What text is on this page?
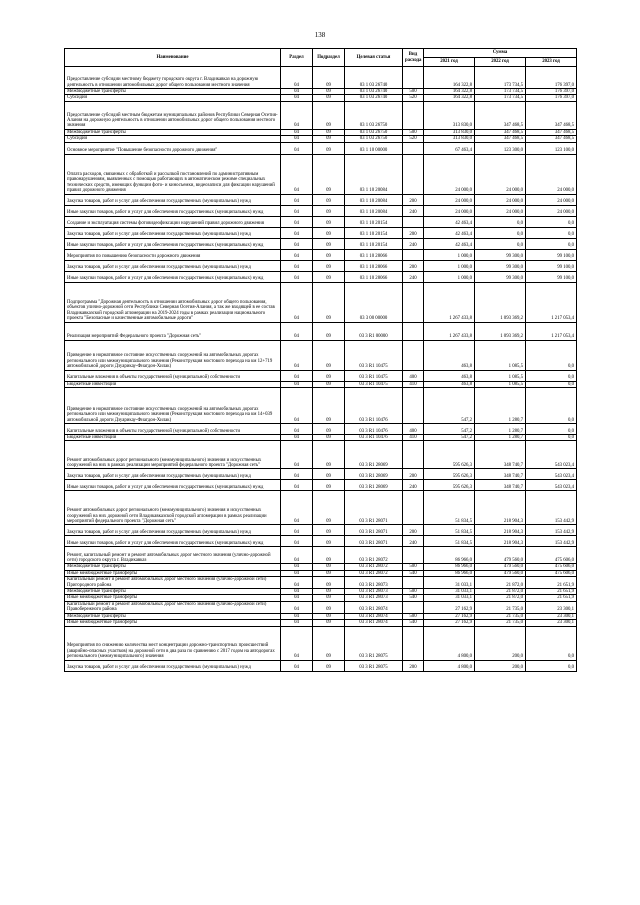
138
Наименование	Раздел	Подраздел	Целевая статья	Вид расхода	Сумма		
					2021 год	2022 год	2023 год
Предоставление субсидии местному бюджету городского округа г. Владикавказ на дорожную деятельность в отношении автомобильных дорог общего пользования местного значения	04	09	03 1 03 26740		164 322,8	173 734,5	176 397,0
Межбюджетные трансферты	04	09	03 1 03 26740	500	164 322,8	173 734,5	176 397,0
Субсидии	04	09	03 1 03 26740	520	164 322,8	173 734,5	176 397,0
Предоставление субсидий местным бюджетам муниципальных районов Республики Северная Осетия-Алания на дорожную деятельность в отношении автомобильных дорог общего пользования местного значения	04	09	03 1 03 26750		313 830,0	347 468,5	347 468,5
Межбюджетные трансферты	04	09	03 1 03 26750	500	313 830,0	347 468,5	347 468,5
Субсидии	04	09	03 1 03 26750	520	313 830,0	347 468,5	347 468,5
Основное мероприятие "Повышение безопасности дорожного движения"	04	09	03 1 10 00000		67 463,4	123 300,0	123 100,0
Оплата расходов, связанных с обработкой и рассылкой постановлений по административным правонарушениям, выявленных с помощью работающих в автоматическом режиме специальных технических средств, имеющих функции фото- и киносъемки, видеозаписи для фиксации нарушений правил дорожного движения	04	09	03 1 10 20084		24 000,0	24 000,0	24 000,0
Закупка товаров, работ и услуг для обеспечения государственных (муниципальных) нужд	04	09	03 1 10 20084	200	24 000,0	24 000,0	24 000,0
Иные закупки товаров, работ и услуг для обеспечения государственных (муниципальных) нужд	04	09	03 1 10 20084	240	24 000,0	24 000,0	24 000,0
Создание и эксплуатация системы фотовидеофиксации нарушений правил дорожного движения	04	09	03 1 10 20154		42 463,4	0,0	0,0
Закупка товаров, работ и услуг для обеспечения государственных (муниципальных) нужд	04	09	03 1 10 20154	200	42 463,4	0,0	0,0
Иные закупки товаров, работ и услуг для обеспечения государственных (муниципальных) нужд	04	09	03 1 10 20154	240	42 463,4	0,0	0,0
Мероприятия по повышению безопасности дорожного движения	04	09	03 1 10 28066		1 000,0	99 300,0	99 100,0
Закупка товаров, работ и услуг для обеспечения государственных (муниципальных) нужд	04	09	03 1 10 28066	200	1 000,0	99 300,0	99 100,0
Иные закупки товаров, работ и услуг для обеспечения государственных (муниципальных) нужд	04	09	03 1 10 28066	240	1 000,0	99 300,0	99 100,0
Подпрограмма "Дорожная деятельность в отношении автомобильных дорог общего пользования, объектов улично-дорожной сети Республики Северная Осетия-Алания, а так же входящей в ее состав Владикавказской городской агломерации на 2019-2024 годы в рамках реализации национального проекта "Безопасные и качественные автомобильные дороги"	04	09	03 3 00 00000		1 267 433,8	1 093 369,2	1 217 053,4
Реализация мероприятий Федерального проекта "Дорожная сеть"	04	09	03 3 R1 00000		1 267 433,8	1 093 369,2	1 217 053,4
Приведение в нормативное состояние искусственных сооружений на автомобильных дорогах регионального или межмуниципального значения (Реконструкция мостового перехода на км 12+719 автомобильной дороги Дзуарикау-Фиагдон-Хилак)	04	09	03 3 R1 10475		463,8	1 085,5	0,0
Капитальные вложения в объекты государственной (муниципальной) собственности	04	09	03 3 R1 10475	400	463,8	1 085,5	0,0
Бюджетные инвестиции	04	09	03 3 R1 10475	410	463,8	1 085,5	0,0
Приведение в нормативное состояние искусственных сооружений на автомобильных дорогах регионального или межмуниципального значения (Реконструкция мостового перехода на км 14+039 автомобильной дороги Дзуарикау-Фиагдон-Хилак)	04	09	03 3 R1 10476		547,2	1 280,7	0,0
Капитальные вложения в объекты государственной (муниципальной) собственности	04	09	03 3 R1 10476	400	547,2	1 280,7	0,0
Бюджетные инвестиции	04	09	03 3 R1 10476	410	547,2	1 280,7	0,0
Ремонт автомобильных дорог регионального (межмуниципального) значения и искусственных сооружений на них в рамках реализации мероприятий федерального проекта "Дорожная сеть"	04	09	03 3 R1 28069		595 626,3	348 740,7	543 023,4
Закупка товаров, работ и услуг для обеспечения государственных (муниципальных) нужд	04	09	03 3 R1 28069	200	595 626,3	348 740,7	543 023,4
Иные закупки товаров, работ и услуг для обеспечения государственных (муниципальных) нужд	04	09	03 3 R1 28069	240	595 626,3	348 740,7	543 023,4
Ремонт автомобильных дорог регионального (межмуниципального) значения и искусственных сооружений на них дорожной сети Владикавказской городской агломерации в рамках реализации мероприятий федерального проекта "Дорожная сеть"	04	09	03 3 R1 28071		51 834,5	218 904,3	153 442,9
Закупка товаров, работ и услуг для обеспечения государственных (муниципальных) нужд	04	09	03 3 R1 28071	200	51 834,5	218 904,3	153 442,9
Иные закупки товаров, работ и услуг для обеспечения государственных (муниципальных) нужд	04	09	03 3 R1 28071	240	51 834,5	218 904,3	153 442,9
Ремонт, капитальный ремонт и ремонт автомобильных дорог местного значения (улично-дорожной сети) городского округа г. Владикавказ	04	09	03 3 R1 28072		86 966,0	479 560,0	475 606,0
Межбюджетные трансферты	04	09	03 3 R1 28072	500	86 966,0	479 560,0	475 606,0
Иные межбюджетные трансферты	04	09	03 3 R1 28072	540	86 966,0	479 560,0	475 606,0
Капитальный ремонт и ремонт автомобильных дорог местного значения (улично-дорожной сети) Пригородного района	04	09	03 3 R1 28073		31 033,1	21 872,0	21 651,9
Межбюджетные трансферты	04	09	03 3 R1 28073	500	31 033,1	21 872,0	21 651,9
Иные межбюджетные трансферты	04	09	03 3 R1 28073	540	31 033,1	21 872,0	21 651,9
Капитальный ремонт и ремонт автомобильных дорог местного значения (улично-дорожной сети) Правобережного района	04	09	03 3 R1 28074		27 162,9	21 735,0	23 300,1
Межбюджетные трансферты	04	09	03 3 R1 28074	500	27 162,9	21 735,0	23 300,1
Иные межбюджетные трансферты	04	09	03 3 R1 28074	540	27 162,9	21 735,0	23 300,1
Мероприятия по снижению количества мест концентрации дорожно-транспортных происшествий (аварийно-опасных участков) на дорожной сети в два раза по сравнению с 2017 годом на автодорогах регионального (межмуниципального) значения	04	09	03 3 R1 28075		4 800,0	200,0	0,0
Закупка товаров, работ и услуг для обеспечения государственных (муниципальных) нужд	04	09	03 3 R1 28075	200	4 800,0	200,0	0,0
